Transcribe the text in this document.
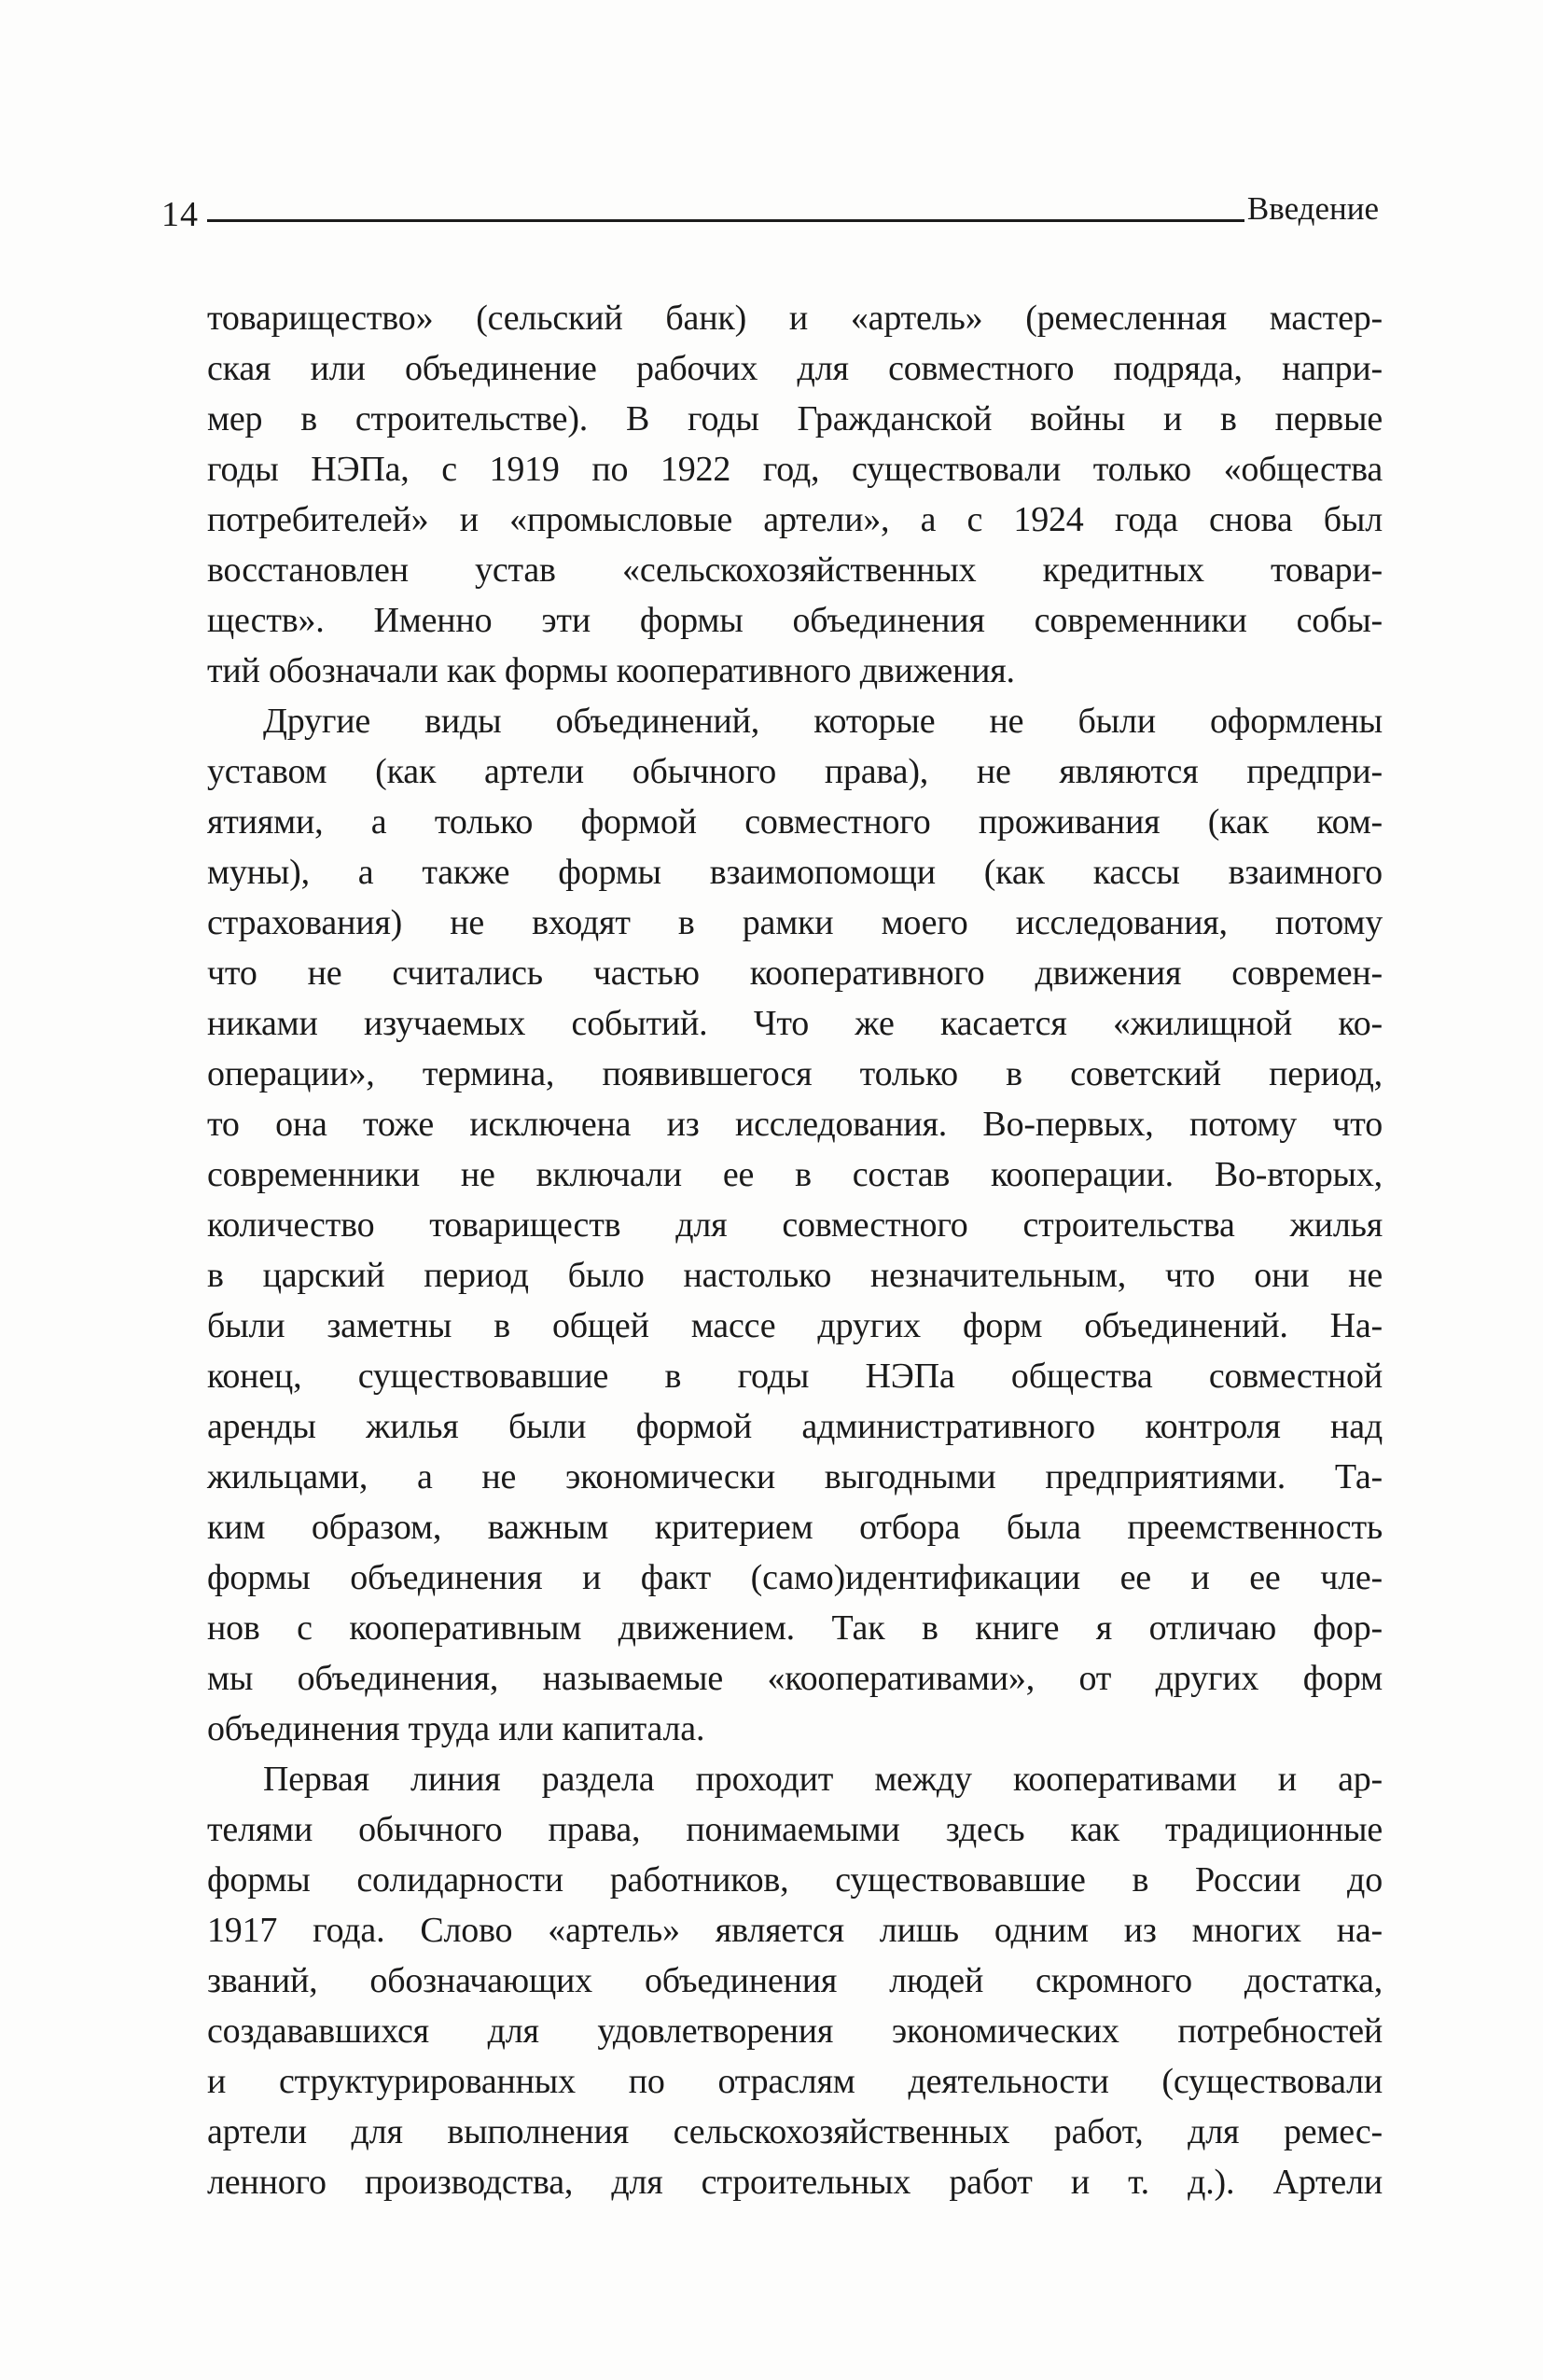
14	Введение
товарищество» (сельский банк) и «артель» (ремесленная мастер-
ская или объединение рабочих для совместного подряда, напри-
мер в строительстве). В годы Гражданской войны и в первые
годы НЭПа, с 1919 по 1922 год, существовали только «общества
потребителей» и «промысловые артели», а с 1924 года снова был
восстановлен устав «сельскохозяйственных кредитных товари-
ществ». Именно эти формы объединения современники собы-
тий обозначали как формы кооперативного движения.
Другие виды объединений, которые не были оформлены
уставом (как артели обычного права), не являются предпри-
ятиями, а только формой совместного проживания (как ком-
муны), а также формы взаимопомощи (как кассы взаимного
страхования) не входят в рамки моего исследования, потому
что не считались частью кооперативного движения современ-
никами изучаемых событий. Что же касается «жилищной ко-
операции», термина, появившегося только в советский период,
то она тоже исключена из исследования. Во-первых, потому что
современники не включали ее в состав кооперации. Во-вторых,
количество товариществ для совместного строительства жилья
в царский период было настолько незначительным, что они не
были заметны в общей массе других форм объединений. На-
конец, существовавшие в годы НЭПа общества совместной
аренды жилья были формой административного контроля над
жильцами, а не экономически выгодными предприятиями. Та-
ким образом, важным критерием отбора была преемственность
формы объединения и факт (само)идентификации ее и ее чле-
нов с кооперативным движением. Так в книге я отличаю фор-
мы объединения, называемые «кооперативами», от других форм
объединения труда или капитала.
Первая линия раздела проходит между кооперативами и ар-
телями обычного права, понимаемыми здесь как традиционные
формы солидарности работников, существовавшие в России до
1917 года. Слово «артель» является лишь одним из многих на-
званий, обозначающих объединения людей скромного достатка,
создававшихся для удовлетворения экономических потребностей
и структурированных по отраслям деятельности (существовали
артели для выполнения сельскохозяйственных работ, для ремес-
ленного производства, для строительных работ и т. д.). Артели
